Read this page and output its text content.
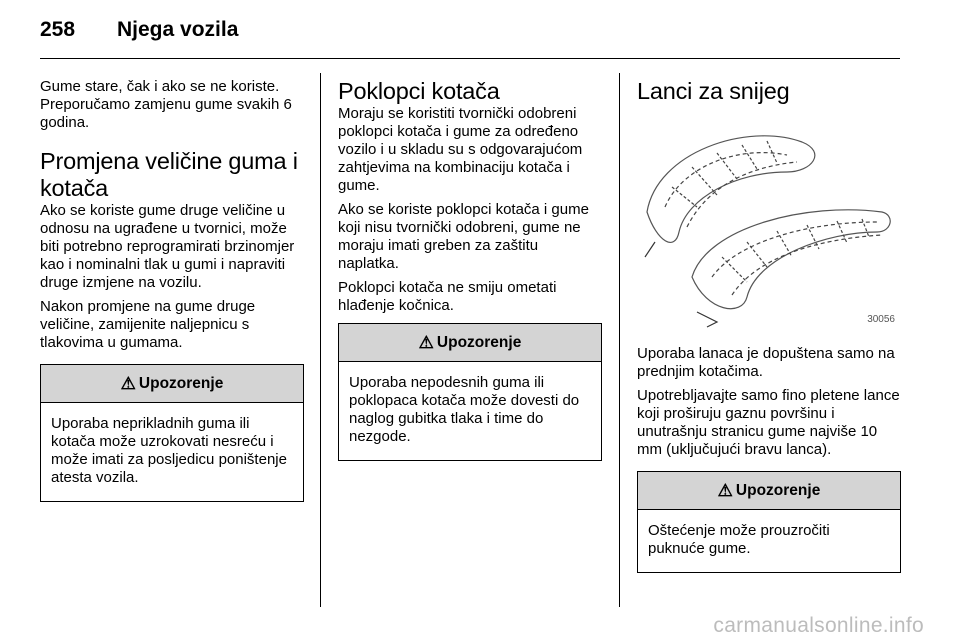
258	Njega vozila

Gume stare, čak i ako se ne koriste. Preporučamo zamjenu gume svakih 6 godina.

Promjena veličine guma i kotača

Ako se koriste gume druge veličine u odnosu na ugrađene u tvornici, može biti potrebno reprogramirati brzinomjer kao i nominalni tlak u gumi i napraviti druge izmjene na vozilu.

Nakon promjene na gume druge veličine, zamijenite naljepnicu s tlakovima u gumama.

⚠ Upozorenje
Uporaba neprikladnih guma ili kotača može uzrokovati nesreću i može imati za posljedicu poništenje atesta vozila.
Poklopci kotača

Moraju se koristiti tvornički odobreni poklopci kotača i gume za određeno vozilo i u skladu su s odgovarajućom zahtjevima na kombinaciju kotača i gume.

Ako se koriste poklopci kotača i gume koji nisu tvornički odobreni, gume ne moraju imati greben za zaštitu naplatka.

Poklopci kotača ne smiju ometati hlađenje kočnica.

⚠ Upozorenje
Uporaba nepodesnih guma ili poklopaca kotača može dovesti do naglog gubitka tlaka i time do nezgode.
Lanci za snijeg
30056

Uporaba lanaca je dopuštena samo na prednjim kotačima.

Upotrebljavajte samo fino pletene lance koji proširuju gaznu površinu i unutrašnju stranicu gume najviše 10 mm (uključujući bravu lanca).

⚠ Upozorenje
Oštećenje može prouzročiti puknuće gume.
carmanualsonline.info
